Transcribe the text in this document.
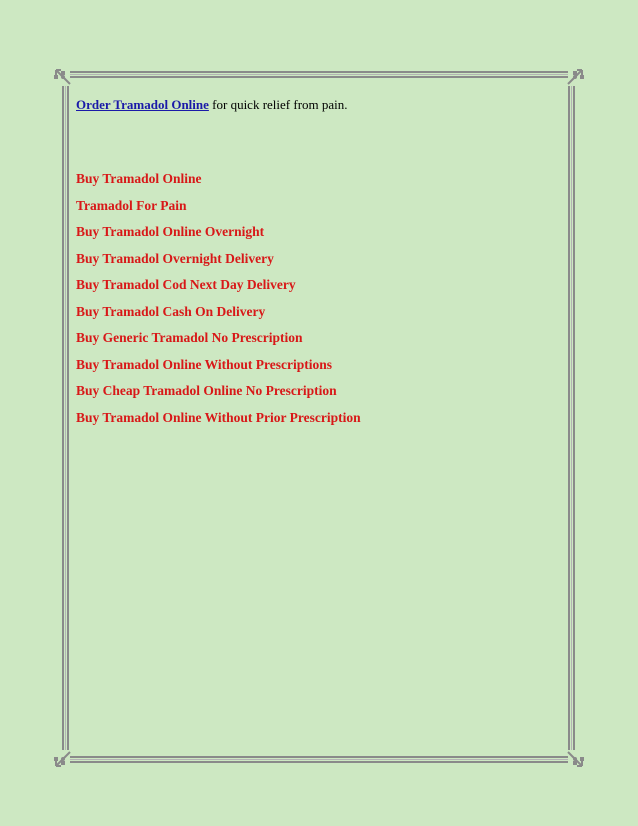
Order Tramadol Online for quick relief from pain.

Buy Tramadol Online
Tramadol For Pain
Buy Tramadol Online Overnight
Buy Tramadol Overnight Delivery
Buy Tramadol Cod Next Day Delivery
Buy Tramadol Cash On Delivery
Buy Generic Tramadol No Prescription
Buy Tramadol Online Without Prescriptions
Buy Cheap Tramadol Online No Prescription
Buy Tramadol Online Without Prior Prescription
